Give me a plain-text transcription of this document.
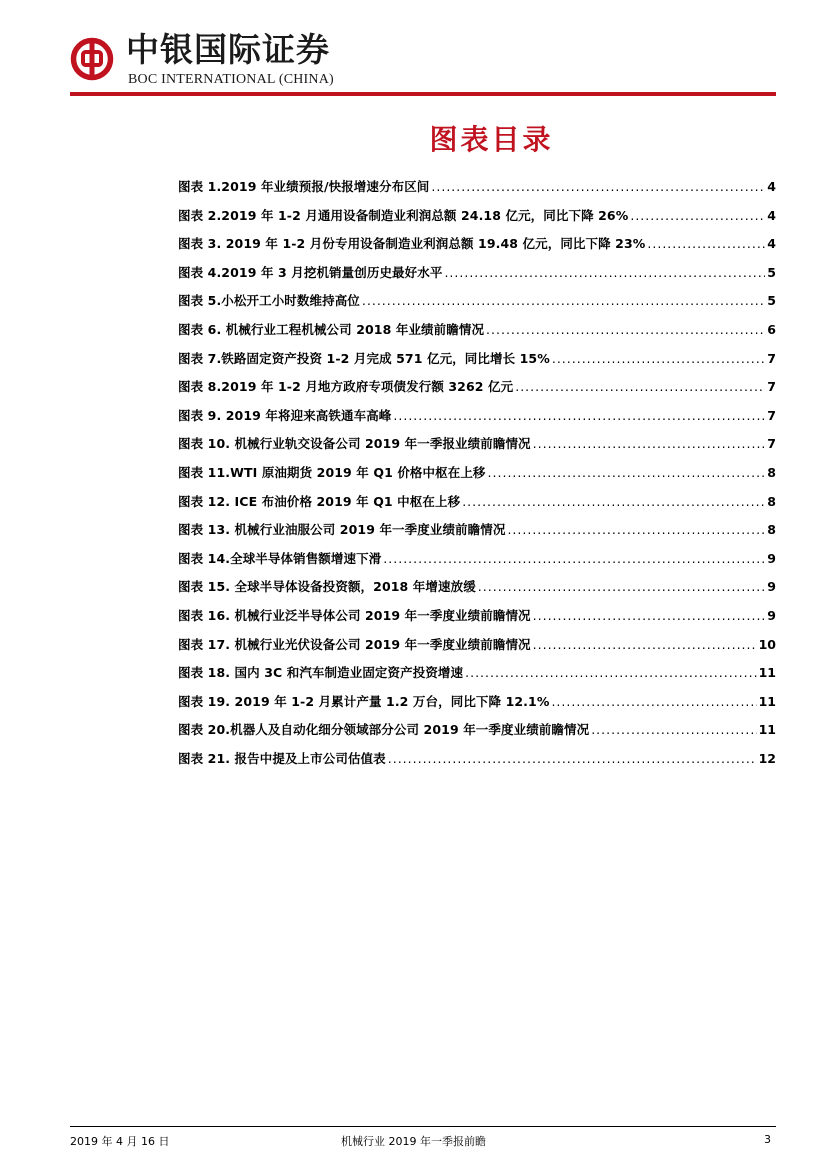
中银国际证券
BOC INTERNATIONAL (CHINA)
图表目录
图表 1.2019 年业绩预报/快报增速分布区间 .....	4
图表 2.2019 年 1-2 月通用设备制造业利润总额 24.18 亿元，同比下降 26% .....	4
图表 3. 2019 年 1-2 月份专用设备制造业利润总额 19.48 亿元，同比下降 23% .....	4
图表 4.2019 年 3 月挖机销量创历史最好水平 .....	5
图表 5.小松开工小时数维持高位 .....	5
图表 6. 机械行业工程机械公司 2018 年业绩前瞻情况 .....	6
图表 7.铁路固定资产投资 1-2 月完成 571 亿元，同比增长 15% .....	7
图表 8.2019 年 1-2 月地方政府专项债发行额 3262 亿元 .....	7
图表 9. 2019 年将迎来高铁通车高峰 .....	7
图表 10. 机械行业轨交设备公司 2019 年一季报业绩前瞻情况 .....	7
图表 11.WTI 原油期货 2019 年 Q1 价格中枢在上移 .....	8
图表 12. ICE 布油价格 2019 年 Q1 中枢在上移 .....	8
图表 13. 机械行业油服公司 2019 年一季度业绩前瞻情况 .....	8
图表 14.全球半导体销售额增速下滑 .....	9
图表 15. 全球半导体设备投资额，2018 年增速放缓 .....	9
图表 16. 机械行业泛半导体公司 2019 年一季度业绩前瞻情况 .....	9
图表 17. 机械行业光伏设备公司 2019 年一季度业绩前瞻情况 .....	10
图表 18. 国内 3C 和汽车制造业固定资产投资增速 .....	11
图表 19. 2019 年 1-2 月累计产量 1.2 万台，同比下降 12.1% .....	11
图表 20.机器人及自动化细分领域部分公司 2019 年一季度业绩前瞻情况 .....	11
图表 21. 报告中提及上市公司估值表 .....	12
2019 年 4 月 16 日	机械行业 2019 年一季报前瞻	3
